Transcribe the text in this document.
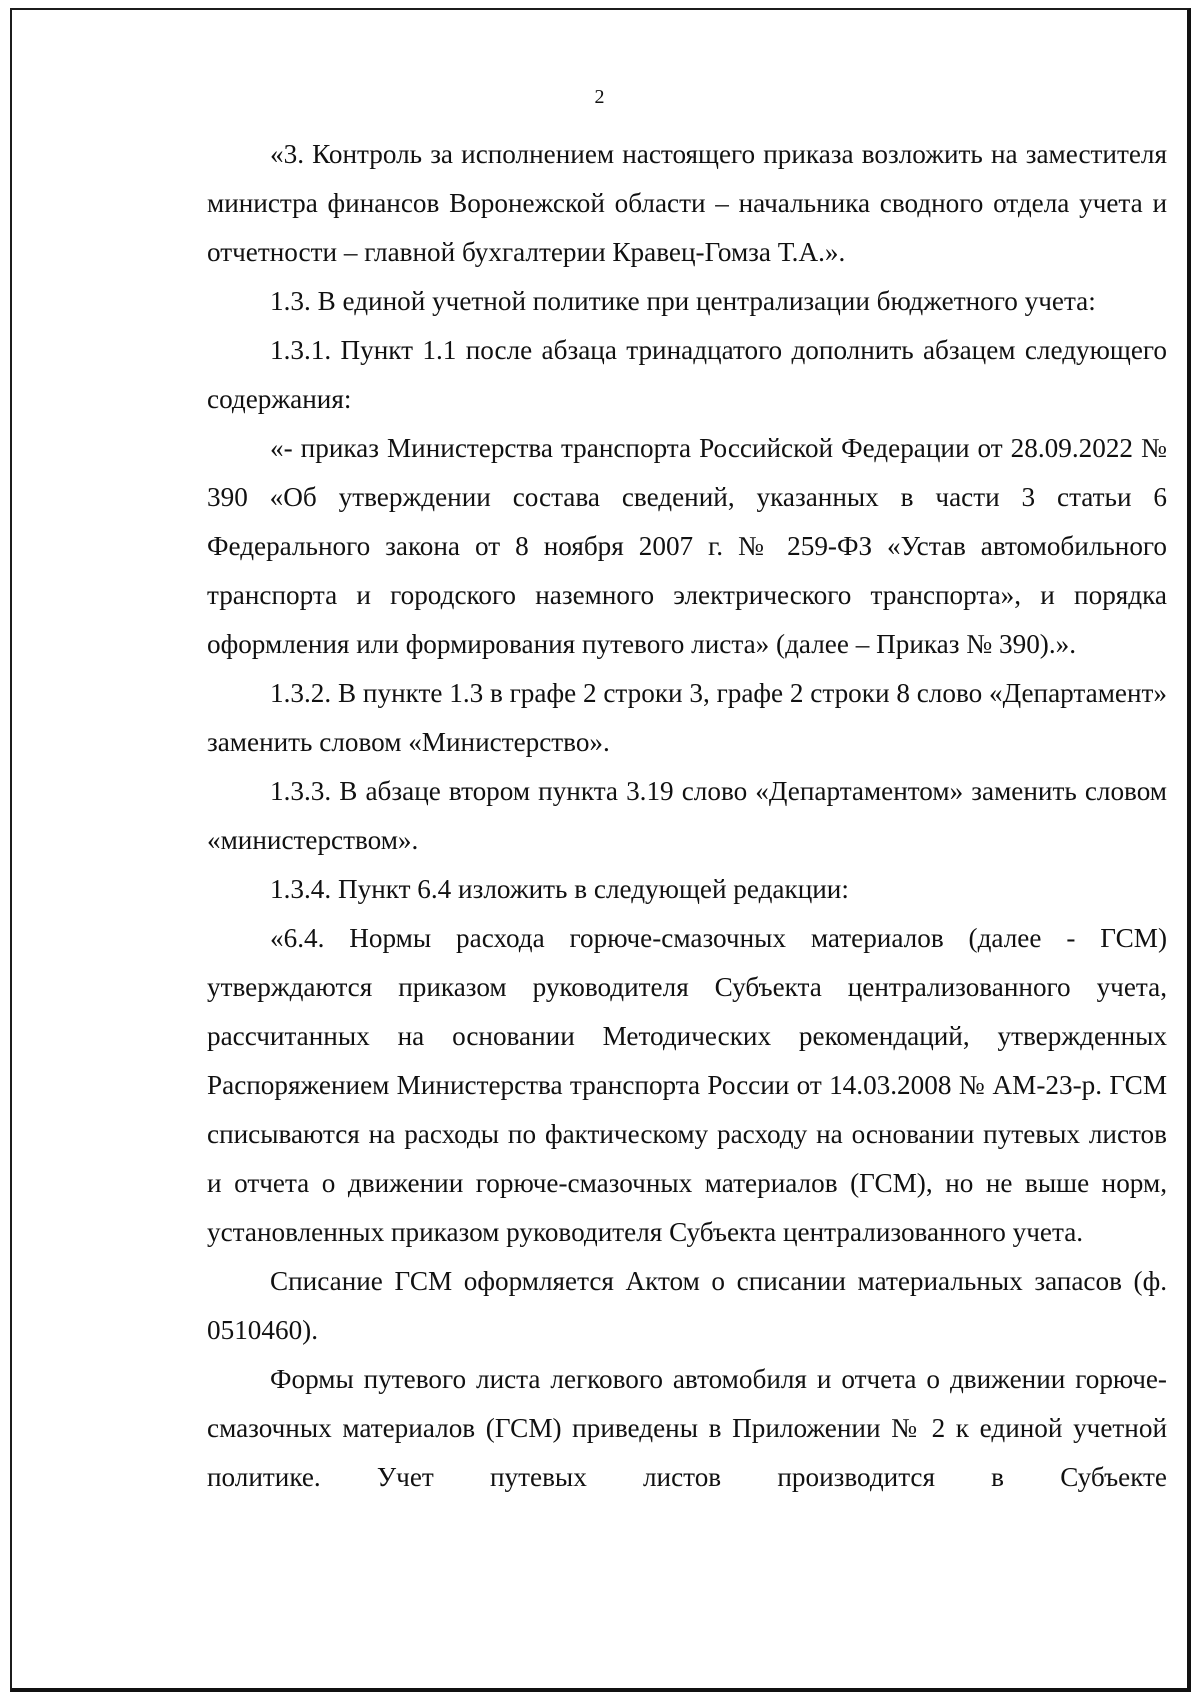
2

«3. Контроль за исполнением настоящего приказа возложить на заместителя министра финансов Воронежской области – начальника сводного отдела учета и отчетности – главной бухгалтерии Кравец-Гомза Т.А.».

1.3. В единой учетной политике при централизации бюджетного учета:

1.3.1. Пункт 1.1 после абзаца тринадцатого дополнить абзацем следующего содержания:

«- приказ Министерства транспорта Российской Федерации от 28.09.2022 № 390 «Об утверждении состава сведений, указанных в части 3 статьи 6 Федерального закона от 8 ноября 2007 г. № 259-ФЗ «Устав автомобильного транспорта и городского наземного электрического транспорта», и порядка оформления или формирования путевого листа» (далее – Приказ № 390).».

1.3.2. В пункте 1.3 в графе 2 строки 3, графе 2 строки 8 слово «Департамент» заменить словом «Министерство».

1.3.3. В абзаце втором пункта 3.19 слово «Департаментом» заменить словом «министерством».

1.3.4. Пункт 6.4 изложить в следующей редакции:

«6.4. Нормы расхода горюче-смазочных материалов (далее - ГСМ) утверждаются приказом руководителя Субъекта централизованного учета, рассчитанных на основании Методических рекомендаций, утвержденных Распоряжением Министерства транспорта России от 14.03.2008 № АМ-23-р. ГСМ списываются на расходы по фактическому расходу на основании путевых листов и отчета о движении горюче-смазочных материалов (ГСМ), но не выше норм, установленных приказом руководителя Субъекта централизованного учета.

Списание ГСМ оформляется Актом о списании материальных запасов (ф. 0510460).

Формы путевого листа легкового автомобиля и отчета о движении горюче-смазочных материалов (ГСМ) приведены в Приложении № 2 к единой учетной политике. Учет путевых листов производится в Субъекте
